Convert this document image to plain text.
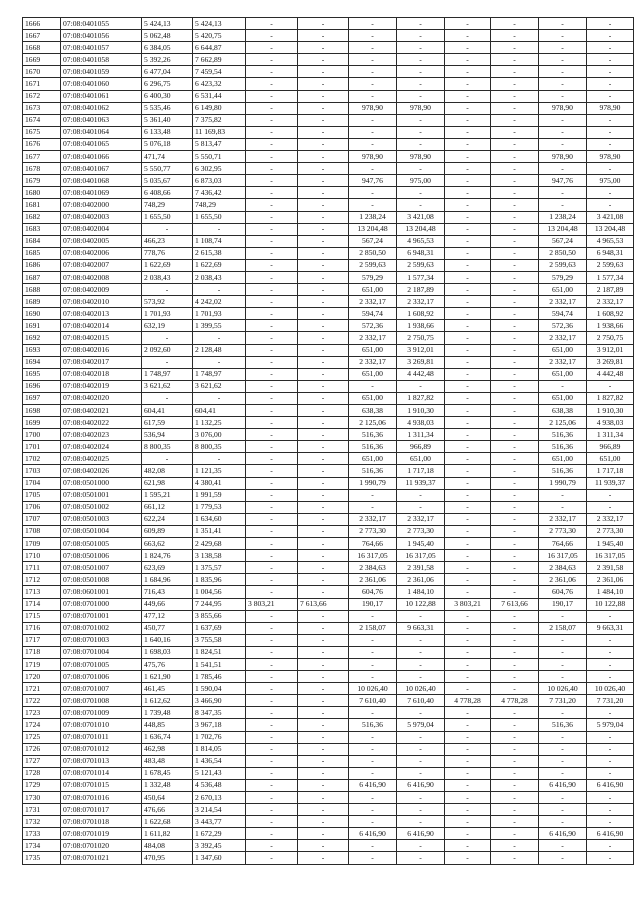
1666	07:08:0401055	5 424,13	5 424,13	-	-	-	-	-	-	-	-
1667	07:08:0401056	5 062,48	5 420,75	-	-	-	-	-	-	-	-
1668	07:08:0401057	6 384,05	6 644,87	-	-	-	-	-	-	-	-
1669	07:08:0401058	5 392,26	7 662,89	-	-	-	-	-	-	-	-
1670	07:08:0401059	6 477,04	7 459,54	-	-	-	-	-	-	-	-
1671	07:08:0401060	6 296,75	6 423,32	-	-	-	-	-	-	-	-
1672	07:08:0401061	6 400,30	6 531,44	-	-	-	-	-	-	-	-
1673	07:08:0401062	5 535,46	6 149,80	-	-	978,90	978,90	-	-	978,90	978,90
1674	07:08:0401063	5 361,40	7 375,82	-	-	-	-	-	-	-	-
1675	07:08:0401064	6 133,48	11 169,83	-	-	-	-	-	-	-	-
1676	07:08:0401065	5 076,18	5 813,47	-	-	-	-	-	-	-	-
1677	07:08:0401066	471,74	5 550,71	-	-	978,90	978,90	-	-	978,90	978,90
1678	07:08:0401067	5 550,77	6 302,95	-	-	-	-	-	-	-	-
1679	07:08:0401068	5 035,67	6 873,03	-	-	947,76	975,00	-	-	947,76	975,00
1680	07:08:0401069	6 408,66	7 436,42	-	-	-	-	-	-	-	-
1681	07:08:0402000	748,29	748,29	-	-	-	-	-	-	-	-
1682	07:08:0402003	1 655,50	1 655,50	-	-	1 238,24	3 421,08	-	-	1 238,24	3 421,08
1683	07:08:0402004	-	-	-	-	13 204,48	13 204,48	-	-	13 204,48	13 204,48
1684	07:08:0402005	466,23	1 108,74	-	-	567,24	4 965,53	-	-	567,24	4 965,53
1685	07:08:0402006	778,76	2 615,38	-	-	2 850,50	6 948,31	-	-	2 850,50	6 948,31
1686	07:08:0402007	1 622,69	1 622,69	-	-	2 599,63	2 599,63	-	-	2 599,63	2 599,63
1687	07:08:0402008	2 038,43	2 038,43	-	-	579,29	1 577,34	-	-	579,29	1 577,34
1688	07:08:0402009	-	-	-	-	651,00	2 187,89	-	-	651,00	2 187,89
1689	07:08:0402010	573,92	4 242,02	-	-	2 332,17	2 332,17	-	-	2 332,17	2 332,17
1690	07:08:0402013	1 701,93	1 701,93	-	-	594,74	1 608,92	-	-	594,74	1 608,92
1691	07:08:0402014	632,19	1 399,55	-	-	572,36	1 938,66	-	-	572,36	1 938,66
1692	07:08:0402015	-	-	-	-	2 332,17	2 750,75	-	-	2 332,17	2 750,75
1693	07:08:0402016	2 092,60	2 128,48	-	-	651,00	3 912,01	-	-	651,00	3 912,01
1694	07:08:0402017	-	-	-	-	2 332,17	3 269,81	-	-	2 332,17	3 269,81
1695	07:08:0402018	1 748,97	1 748,97	-	-	651,00	4 442,48	-	-	651,00	4 442,48
1696	07:08:0402019	3 621,62	3 621,62	-	-	-	-	-	-	-	-
1697	07:08:0402020	-	-	-	-	651,00	1 827,82	-	-	651,00	1 827,82
1698	07:08:0402021	604,41	604,41	-	-	638,38	1 910,30	-	-	638,38	1 910,30
1699	07:08:0402022	617,59	1 132,25	-	-	2 125,06	4 938,03	-	-	2 125,06	4 938,03
1700	07:08:0402023	536,94	3 076,00	-	-	516,36	1 311,34	-	-	516,36	1 311,34
1701	07:08:0402024	8 800,35	8 800,35	-	-	516,36	966,89	-	-	516,36	966,89
1702	07:08:0402025	-	-	-	-	651,00	651,00	-	-	651,00	651,00
1703	07:08:0402026	482,08	1 121,35	-	-	516,36	1 717,18	-	-	516,36	1 717,18
1704	07:08:0501000	621,98	4 380,41	-	-	1 990,79	11 939,37	-	-	1 990,79	11 939,37
1705	07:08:0501001	1 595,21	1 991,59	-	-	-	-	-	-	-	-
1706	07:08:0501002	661,12	1 779,53	-	-	-	-	-	-	-	-
1707	07:08:0501003	622,24	1 634,60	-	-	2 332,17	2 332,17	-	-	2 332,17	2 332,17
1708	07:08:0501004	609,89	1 351,41	-	-	2 773,30	2 773,30	-	-	2 773,30	2 773,30
1709	07:08:0501005	663,62	2 429,68	-	-	764,66	1 945,40	-	-	764,66	1 945,40
1710	07:08:0501006	1 824,76	3 138,58	-	-	16 317,05	16 317,05	-	-	16 317,05	16 317,05
1711	07:08:0501007	623,69	1 375,57	-	-	2 384,63	2 391,58	-	-	2 384,63	2 391,58
1712	07:08:0501008	1 684,96	1 835,96	-	-	2 361,06	2 361,06	-	-	2 361,06	2 361,06
1713	07:08:0601001	716,43	1 004,56	-	-	604,76	1 484,10	-	-	604,76	1 484,10
1714	07:08:0701000	449,66	7 244,95	3 803,21	7 613,66	190,17	10 122,88	3 803,21	7 613,66	190,17	10 122,88
1715	07:08:0701001	477,12	3 855,66	-	-	-	-	-	-	-	-
1716	07:08:0701002	450,77	1 637,69	-	-	2 158,07	9 663,31	-	-	2 158,07	9 663,31
1717	07:08:0701003	1 640,16	3 755,58	-	-	-	-	-	-	-	-
1718	07:08:0701004	1 698,03	1 824,51	-	-	-	-	-	-	-	-
1719	07:08:0701005	475,76	1 541,51	-	-	-	-	-	-	-	-
1720	07:08:0701006	1 621,90	1 785,46	-	-	-	-	-	-	-	-
1721	07:08:0701007	461,45	1 590,04	-	-	10 026,40	10 026,40	-	-	10 026,40	10 026,40
1722	07:08:0701008	1 612,62	3 466,90	-	-	7 610,40	7 610,40	4 778,28	4 778,28	7 731,20	7 731,20
1723	07:08:0701009	1 739,48	8 347,35	-	-	-	-	-	-	-	-
1724	07:08:0701010	448,85	3 967,18	-	-	516,36	5 979,04	-	-	516,36	5 979,04
1725	07:08:0701011	1 636,74	1 702,76	-	-	-	-	-	-	-	-
1726	07:08:0701012	462,98	1 814,05	-	-	-	-	-	-	-	-
1727	07:08:0701013	483,48	1 436,54	-	-	-	-	-	-	-	-
1728	07:08:0701014	1 678,45	5 121,43	-	-	-	-	-	-	-	-
1729	07:08:0701015	1 332,48	4 536,48	-	-	6 416,90	6 416,90	-	-	6 416,90	6 416,90
1730	07:08:0701016	450,64	2 670,13	-	-	-	-	-	-	-	-
1731	07:08:0701017	476,66	3 214,54	-	-	-	-	-	-	-	-
1732	07:08:0701018	1 622,68	3 443,77	-	-	-	-	-	-	-	-
1733	07:08:0701019	1 611,82	1 672,29	-	-	6 416,90	6 416,90	-	-	6 416,90	6 416,90
1734	07:08:0701020	484,08	3 392,45	-	-	-	-	-	-	-	-
1735	07:08:0701021	470,95	1 347,60	-	-	-	-	-	-	-	-
